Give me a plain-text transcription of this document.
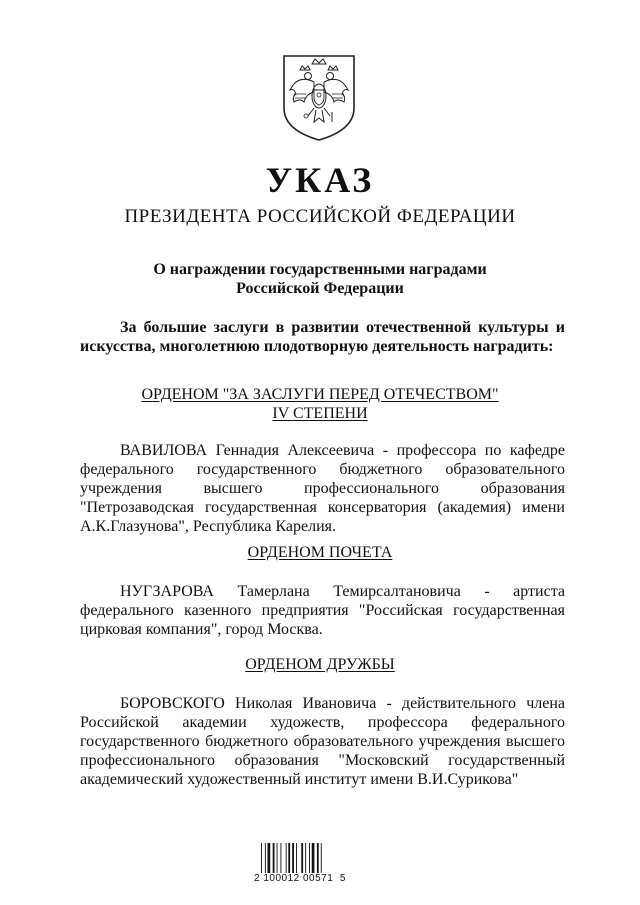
УКАЗ
ПРЕЗИДЕНТА РОССИЙСКОЙ ФЕДЕРАЦИИ
О награждении государственными наградами
Российской Федерации
За большие заслуги в развитии отечественной культуры и искусства, многолетнюю плодотворную деятельность наградить:
ОРДЕНОМ "ЗА ЗАСЛУГИ ПЕРЕД ОТЕЧЕСТВОМ"
IV СТЕПЕНИ
ВАВИЛОВА Геннадия Алексеевича - профессора по кафедре федерального государственного бюджетного образовательного учреждения высшего профессионального образования "Петрозаводская государственная консерватория (академия) имени А.К.Глазунова", Республика Карелия.
ОРДЕНОМ ПОЧЕТА
НУГЗАРОВА Тамерлана Темирсалтановича - артиста федерального казенного предприятия "Российская государственная цирковая компания", город Москва.
ОРДЕНОМ ДРУЖБЫ
БОРОВСКОГО Николая Ивановича - действительного члена Российской академии художеств, профессора федерального государственного бюджетного образовательного учреждения высшего профессионального образования "Московский государственный академический художественный институт имени В.И.Сурикова"
2 100012 00571  5
